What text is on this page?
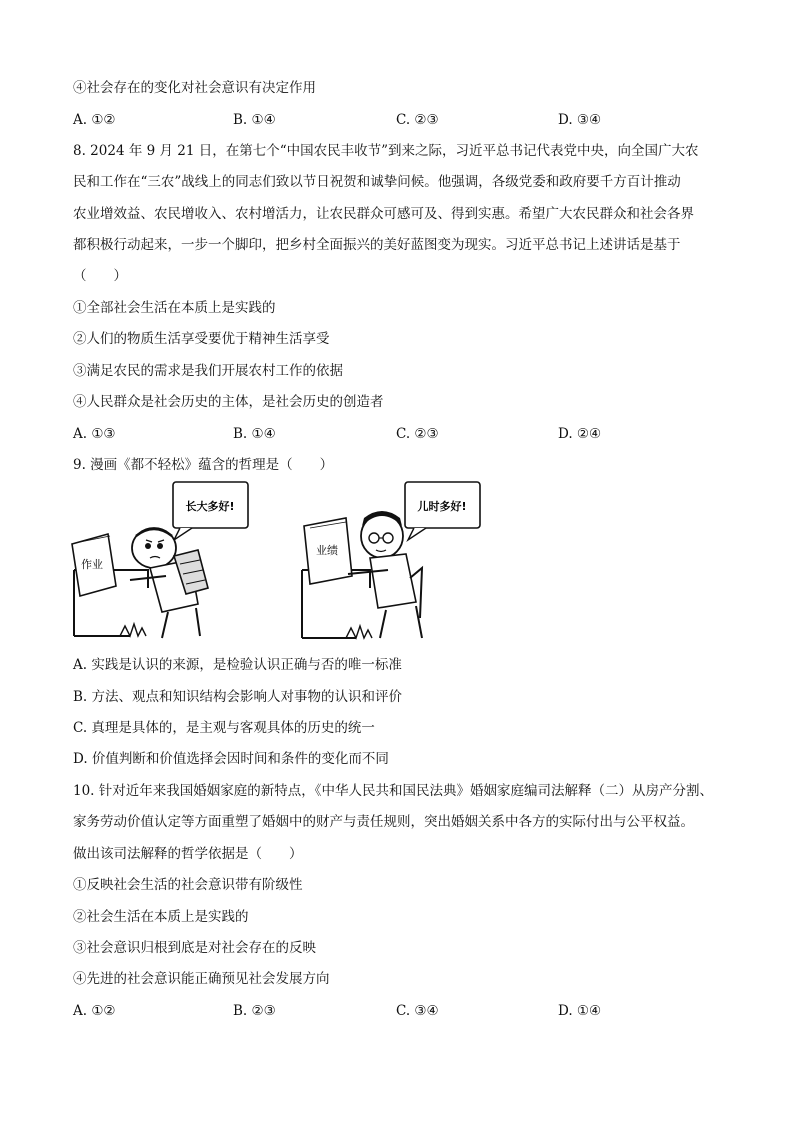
④社会存在的变化对社会意识有决定作用
A. ①②	B. ①④	C. ②③	D. ③④
8. 2024 年 9 月 21 日，在第七个“中国农民丰收节”到来之际，习近平总书记代表党中央，向全国广大农
民和工作在“三农”战线上的同志们致以节日祝贺和诚挚问候。他强调，各级党委和政府要千方百计推动
农业增效益、农民增收入、农村增活力，让农民群众可感可及、得到实惠。希望广大农民群众和社会各界
都积极行动起来，一步一个脚印，把乡村全面振兴的美好蓝图变为现实。习近平总书记上述讲话是基于
（　　）
①全部社会生活在本质上是实践的
②人们的物质生活享受要优于精神生活享受
③满足农民的需求是我们开展农村工作的依据
④人民群众是社会历史的主体，是社会历史的创造者
A. ①③	B. ①④	C. ②③	D. ②④
9. 漫画《都不轻松》蕴含的哲理是（　　）
长大多好!
作业
儿时多好!
业绩
A. 实践是认识的来源，是检验认识正确与否的唯一标准
B. 方法、观点和知识结构会影响人对事物的认识和评价
C. 真理是具体的，是主观与客观具体的历史的统一
D. 价值判断和价值选择会因时间和条件的变化而不同
10. 针对近年来我国婚姻家庭的新特点，《中华人民共和国民法典》婚姻家庭编司法解释（二）从房产分割、
家务劳动价值认定等方面重塑了婚姻中的财产与责任规则，突出婚姻关系中各方的实际付出与公平权益。
做出该司法解释的哲学依据是（　　）
①反映社会生活的社会意识带有阶级性
②社会生活在本质上是实践的
③社会意识归根到底是对社会存在的反映
④先进的社会意识能正确预见社会发展方向
A. ①②	B. ②③	C. ③④	D. ①④
